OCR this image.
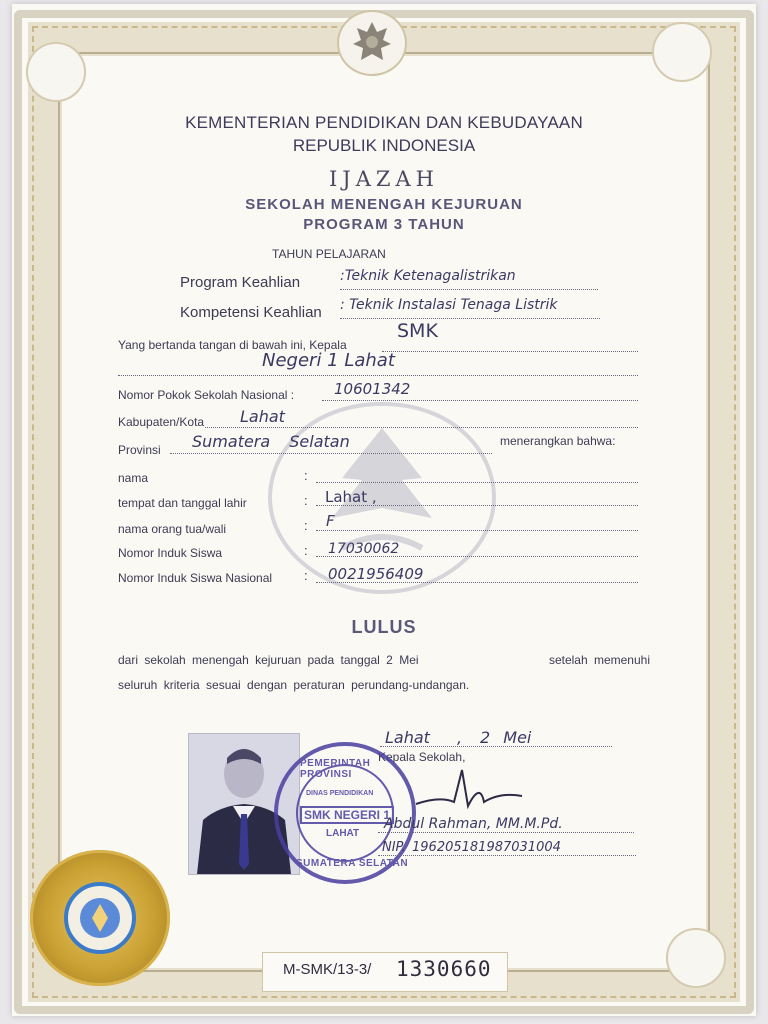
KEMENTERIAN PENDIDIKAN DAN KEBUDAYAAN
REPUBLIK INDONESIA
IJAZAH
SEKOLAH MENENGAH KEJURUAN
PROGRAM 3 TAHUN
TAHUN PELAJARAN
Program Keahlian	:Teknik Ketenagalistrikan
Kompetensi Keahlian : Teknik Instalasi Tenaga Listrik
Yang bertanda tangan di bawah ini, Kepala
SMK
Negeri 1 Lahat
Nomor Pokok Sekolah Nasional :	10601342
Kabupaten/Kota Lahat
Provinsi Sumatera Selatan	menerangkan bahwa:
nama	:
tempat dan tanggal lahir	: Lahat ,
nama orang tua/wali	: F
Nomor Induk Siswa	: 17030062
Nomor Induk Siswa Nasional : 0021956409
LULUS
dari sekolah menengah kejuruan pada tanggal 2 Mei	setelah memenuhi
seluruh kriteria sesuai dengan peraturan perundang-undangan.
Lahat , 2 Mei
Kepala Sekolah,
PEMERINTAH PROVINSI
DINAS PENDIDIKAN
SMK NEGERI 1
LAHAT
SUMATERA SELATAN
Abdul Rahman, MM.M.Pd.
NIP. 196205181987031004
M-SMK/13-3/ 1330660
